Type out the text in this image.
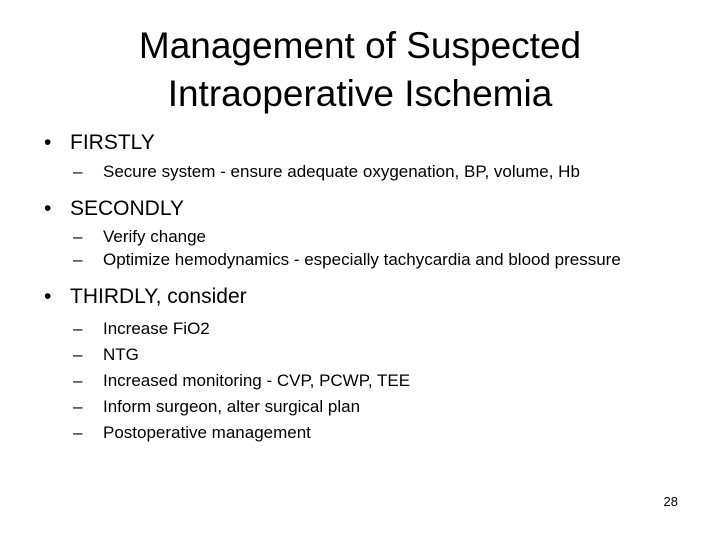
Management of Suspected
Intraoperative Ischemia
• FIRSTLY
– Secure system - ensure adequate oxygenation, BP, volume, Hb
• SECONDLY
– Verify change
– Optimize hemodynamics - especially tachycardia and blood pressure
• THIRDLY, consider
– Increase FiO2
– NTG
– Increased monitoring - CVP, PCWP, TEE
– Inform surgeon, alter surgical plan
– Postoperative management
28
